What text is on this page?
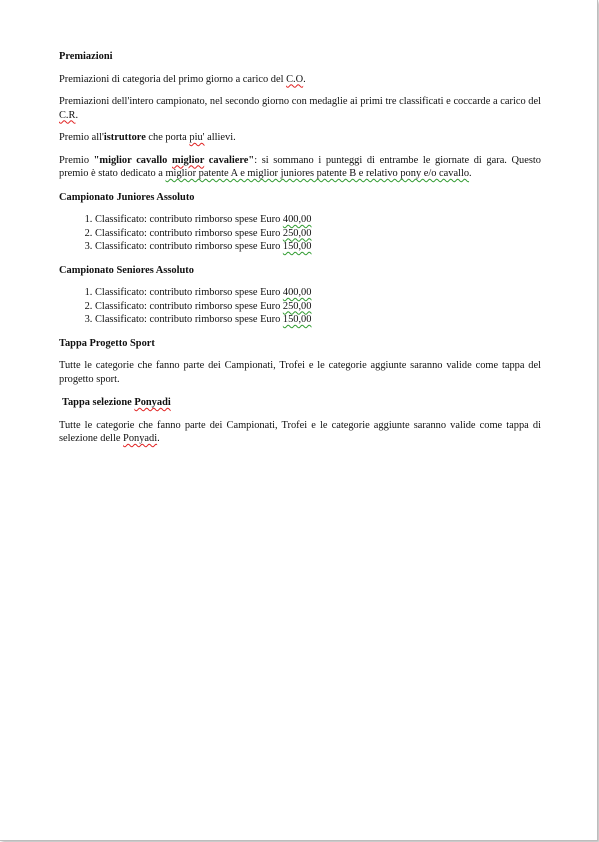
Premiazioni

Premiazioni di categoria del primo giorno a carico del C.O.

Premiazioni dell'intero campionato, nel secondo giorno con medaglie ai primi tre classificati e coccarde a carico del C.R.

Premio all'istruttore che porta piu' allievi.

Premio "miglior cavallo miglior cavaliere": si sommano i punteggi di entrambe le giornate di gara. Questo premio è stato dedicato a miglior patente A e miglior juniores patente B e relativo pony e/o cavallo.

Campionato Juniores Assoluto
1. Classificato: contributo rimborso spese Euro 400,00
2. Classificato: contributo rimborso spese Euro 250,00
3. Classificato: contributo rimborso spese Euro 150,00
Campionato Seniores Assoluto
1. Classificato: contributo rimborso spese Euro 400,00
2. Classificato: contributo rimborso spese Euro 250,00
3. Classificato: contributo rimborso spese Euro 150,00
Tappa Progetto Sport

Tutte le categorie che fanno parte dei Campionati, Trofei e le categorie aggiunte saranno valide come tappa del progetto sport.

Tappa selezione Ponyadi

Tutte le categorie che fanno parte dei Campionati, Trofei e le categorie aggiunte saranno valide come tappa di selezione delle Ponyadi.
